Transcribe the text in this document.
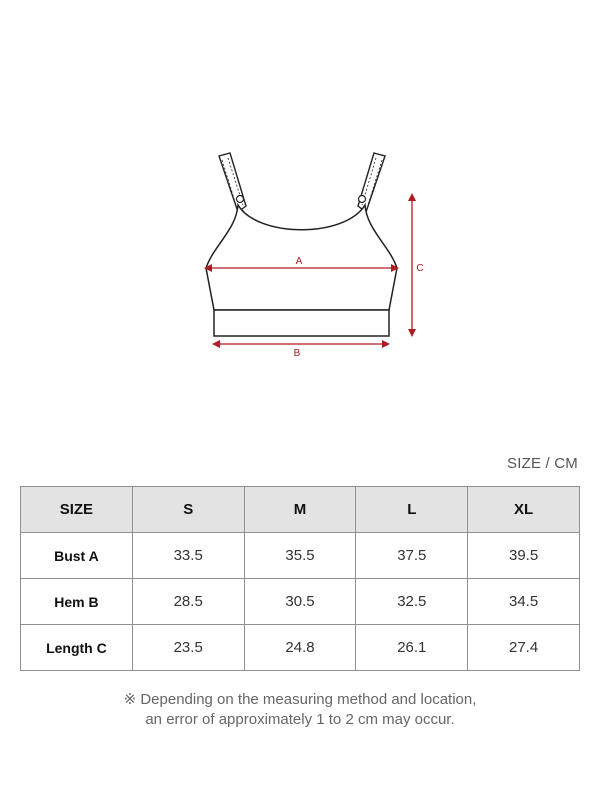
A
B
C
SIZE / CM
SIZE	S	M	L	XL
Bust A	33.5	35.5	37.5	39.5
Hem B	28.5	30.5	32.5	34.5
Length C	23.5	24.8	26.1	27.4
※ Depending on the measuring method and location,
an error of approximately 1 to 2 cm may occur.
